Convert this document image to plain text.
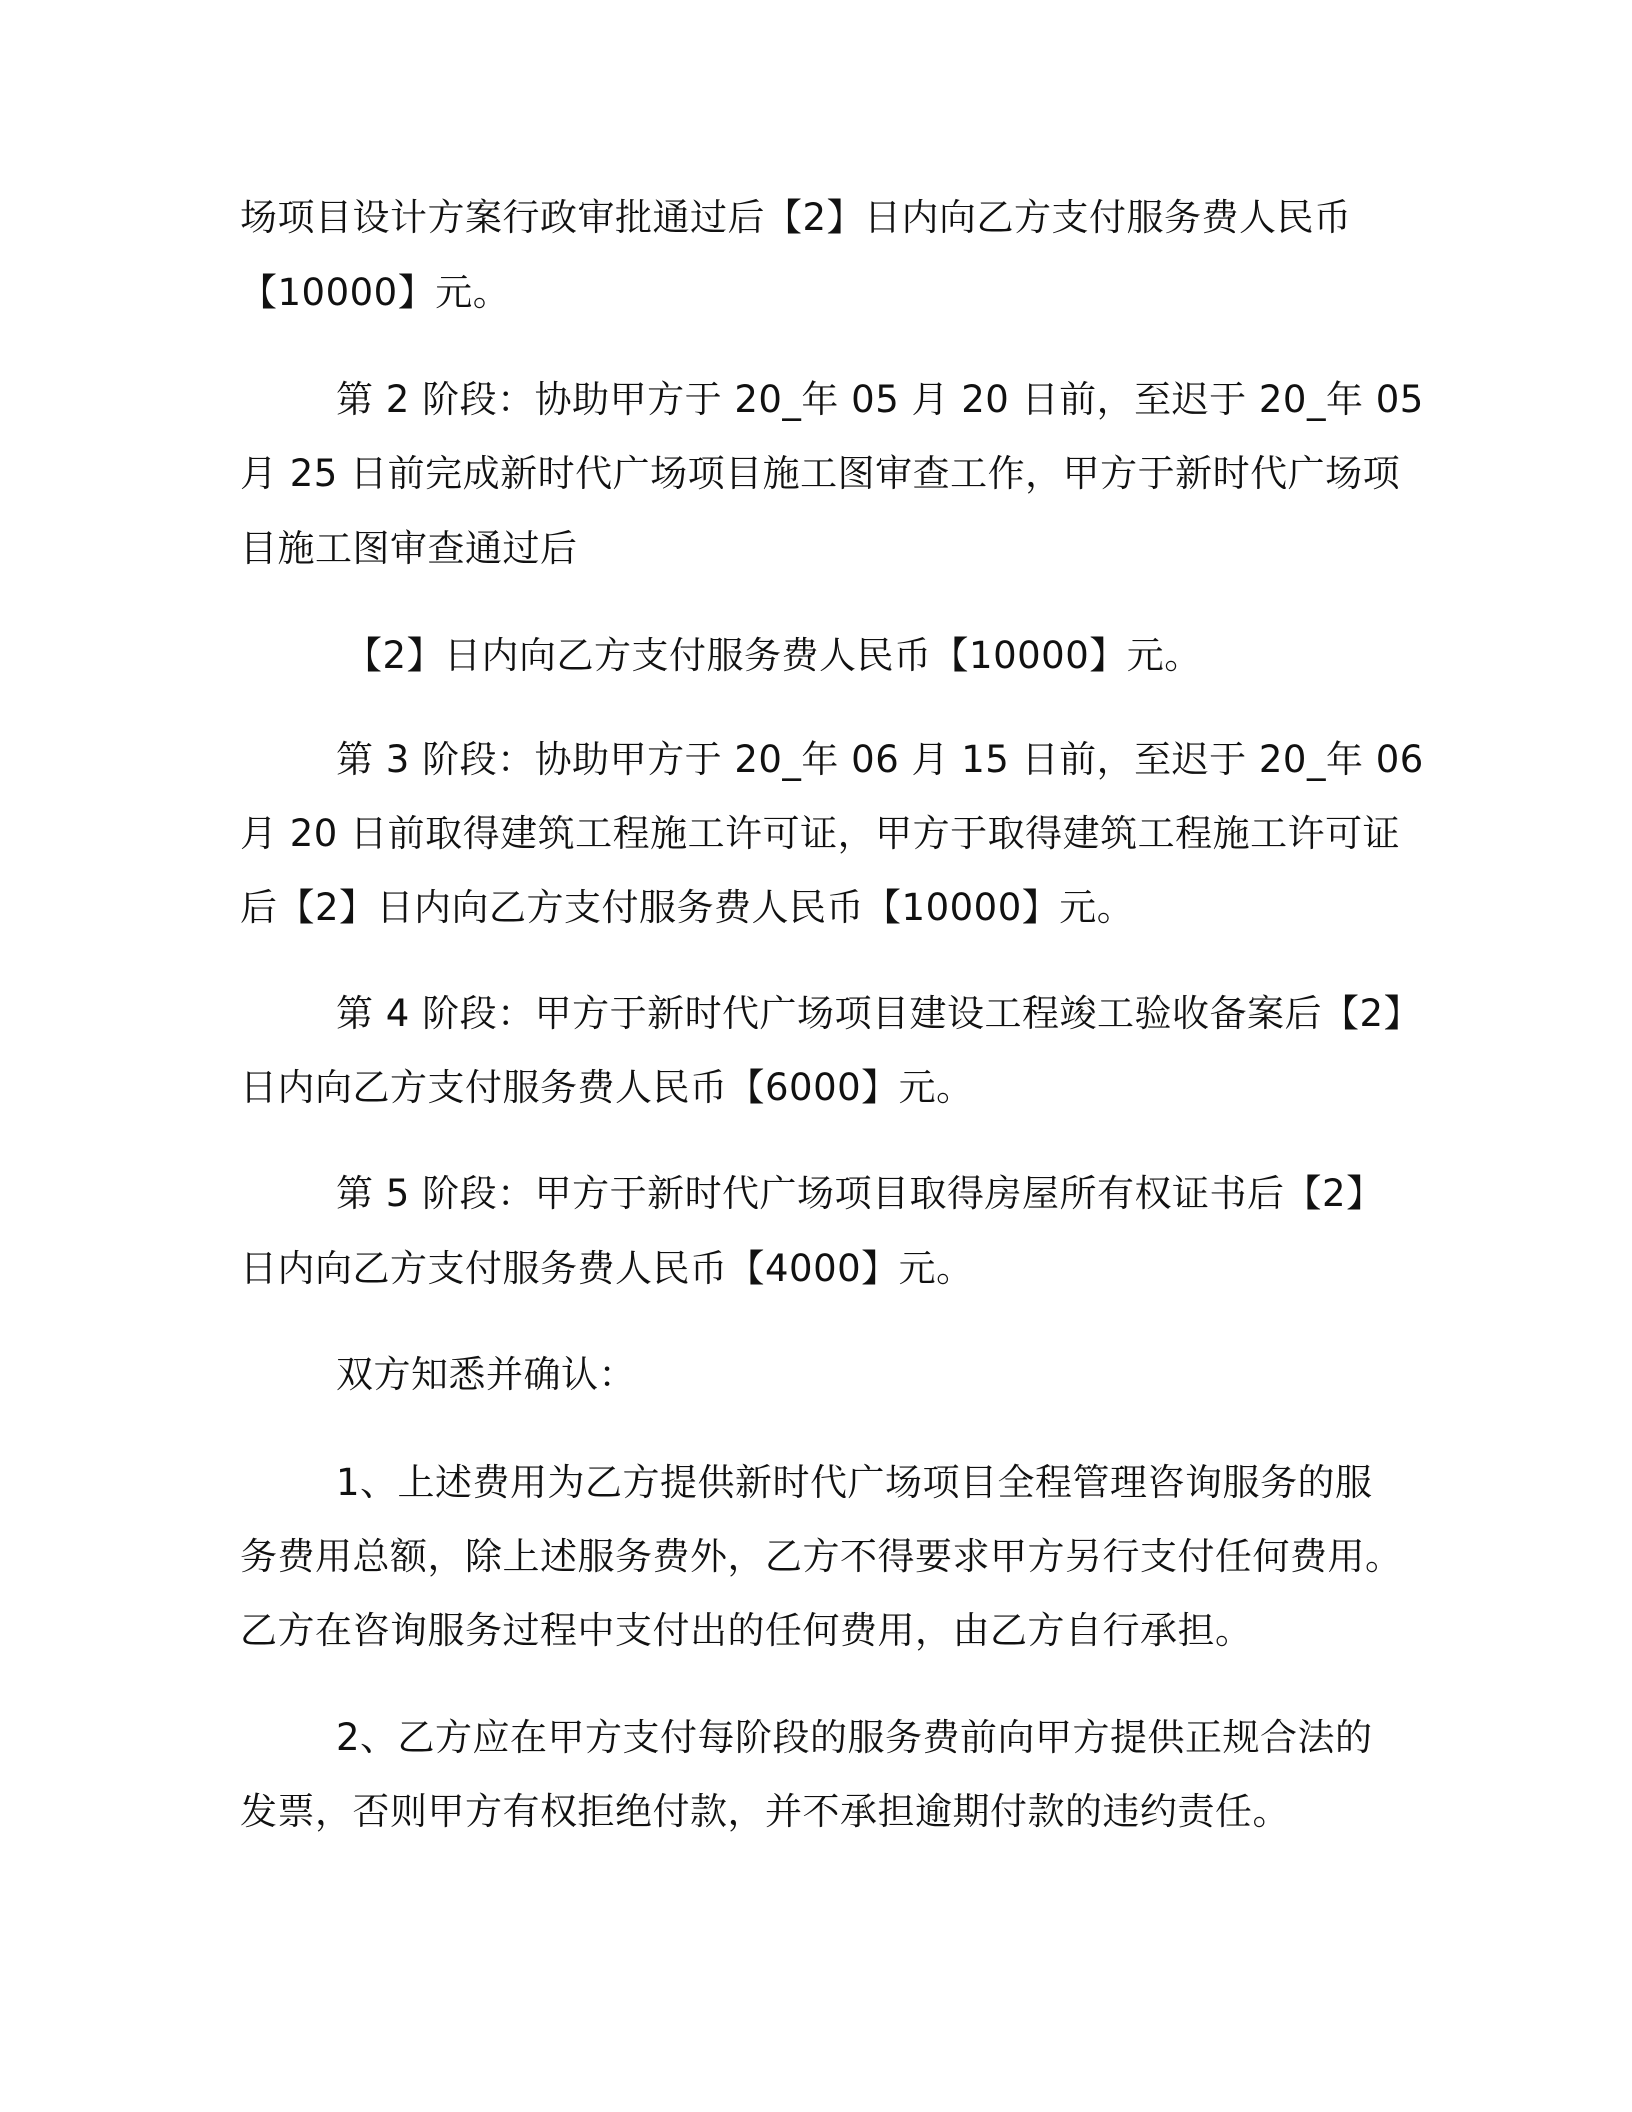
场项目设计方案行政审批通过后【2】日内向乙方支付服务费人民币

【10000】元。

第 2 阶段：协助甲方于 20_年 05 月 20 日前，至迟于 20_年 05

月 25 日前完成新时代广场项目施工图审查工作，甲方于新时代广场项

目施工图审查通过后

【2】日内向乙方支付服务费人民币【10000】元。

第 3 阶段：协助甲方于 20_年 06 月 15 日前，至迟于 20_年 06

月 20 日前取得建筑工程施工许可证，甲方于取得建筑工程施工许可证

后【2】日内向乙方支付服务费人民币【10000】元。

第 4 阶段：甲方于新时代广场项目建设工程竣工验收备案后【2】

日内向乙方支付服务费人民币【6000】元。

第 5 阶段：甲方于新时代广场项目取得房屋所有权证书后【2】

日内向乙方支付服务费人民币【4000】元。

双方知悉并确认：

1、上述费用为乙方提供新时代广场项目全程管理咨询服务的服

务费用总额，除上述服务费外，乙方不得要求甲方另行支付任何费用。

乙方在咨询服务过程中支付出的任何费用，由乙方自行承担。

2、乙方应在甲方支付每阶段的服务费前向甲方提供正规合法的

发票，否则甲方有权拒绝付款，并不承担逾期付款的违约责任。
